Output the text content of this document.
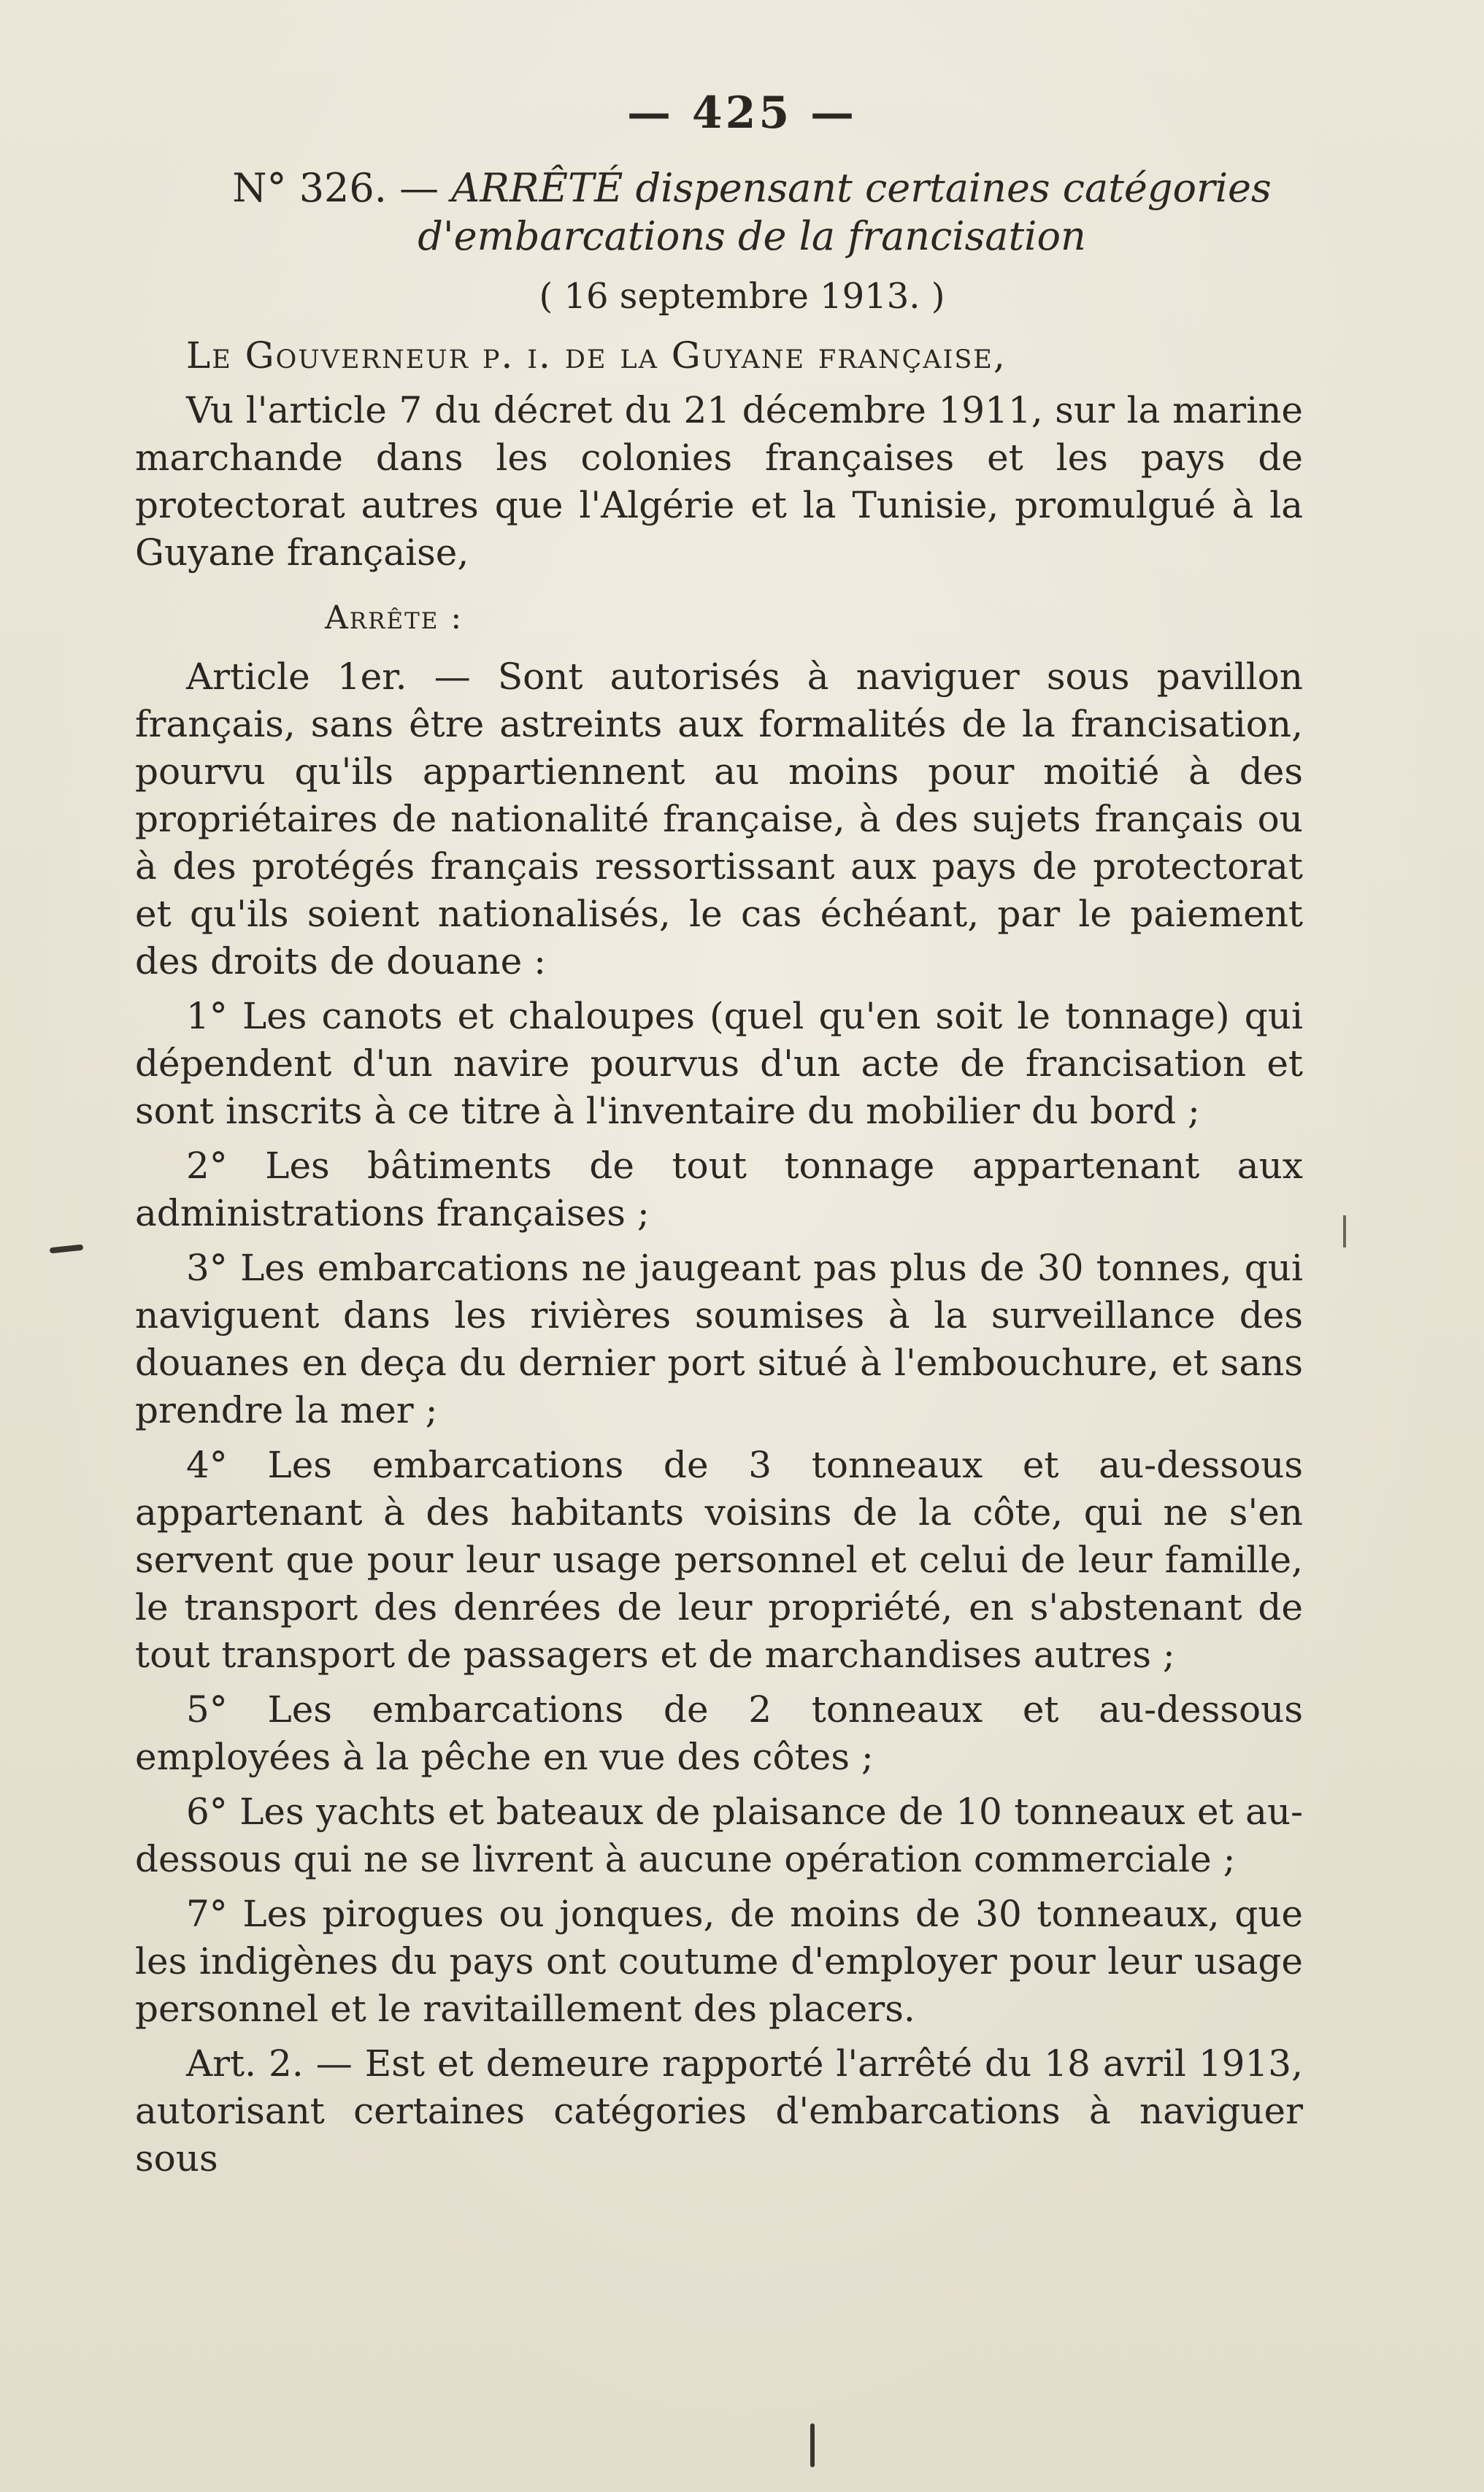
— 425 —
N° 326. — ARRÊTÉ dispensant certaines catégories d'embarcations de la francisation
( 16 septembre 1913. )

Le Gouverneur p. i. de la Guyane française,

Vu l'article 7 du décret du 21 décembre 1911, sur la marine marchande dans les colonies françaises et les pays de protectorat autres que l'Algérie et la Tunisie, promulgué à la Guyane française,

Arrête :

Article 1er. — Sont autorisés à naviguer sous pavillon français, sans être astreints aux formalités de la francisation, pourvu qu'ils appartiennent au moins pour moitié à des propriétaires de nationalité française, à des sujets français ou à des protégés français ressortissant aux pays de protectorat et qu'ils soient nationalisés, le cas échéant, par le paiement des droits de douane :

1° Les canots et chaloupes (quel qu'en soit le tonnage) qui dépendent d'un navire pourvus d'un acte de francisation et sont inscrits à ce titre à l'inventaire du mobilier du bord ;

2° Les bâtiments de tout tonnage appartenant aux administrations françaises ;

3° Les embarcations ne jaugeant pas plus de 30 tonnes, qui naviguent dans les rivières soumises à la surveillance des douanes en deça du dernier port situé à l'embouchure, et sans prendre la mer ;

4° Les embarcations de 3 tonneaux et au-dessous appartenant à des habitants voisins de la côte, qui ne s'en servent que pour leur usage personnel et celui de leur famille, le transport des denrées de leur propriété, en s'abstenant de tout transport de passagers et de marchandises autres ;

5° Les embarcations de 2 tonneaux et au-dessous employées à la pêche en vue des côtes ;

6° Les yachts et bateaux de plaisance de 10 tonneaux et au-dessous qui ne se livrent à aucune opération commerciale ;

7° Les pirogues ou jonques, de moins de 30 tonneaux, que les indigènes du pays ont coutume d'employer pour leur usage personnel et le ravitaillement des placers.

Art. 2. — Est et demeure rapporté l'arrêté du 18 avril 1913, autorisant certaines catégories d'embarcations à naviguer sous
